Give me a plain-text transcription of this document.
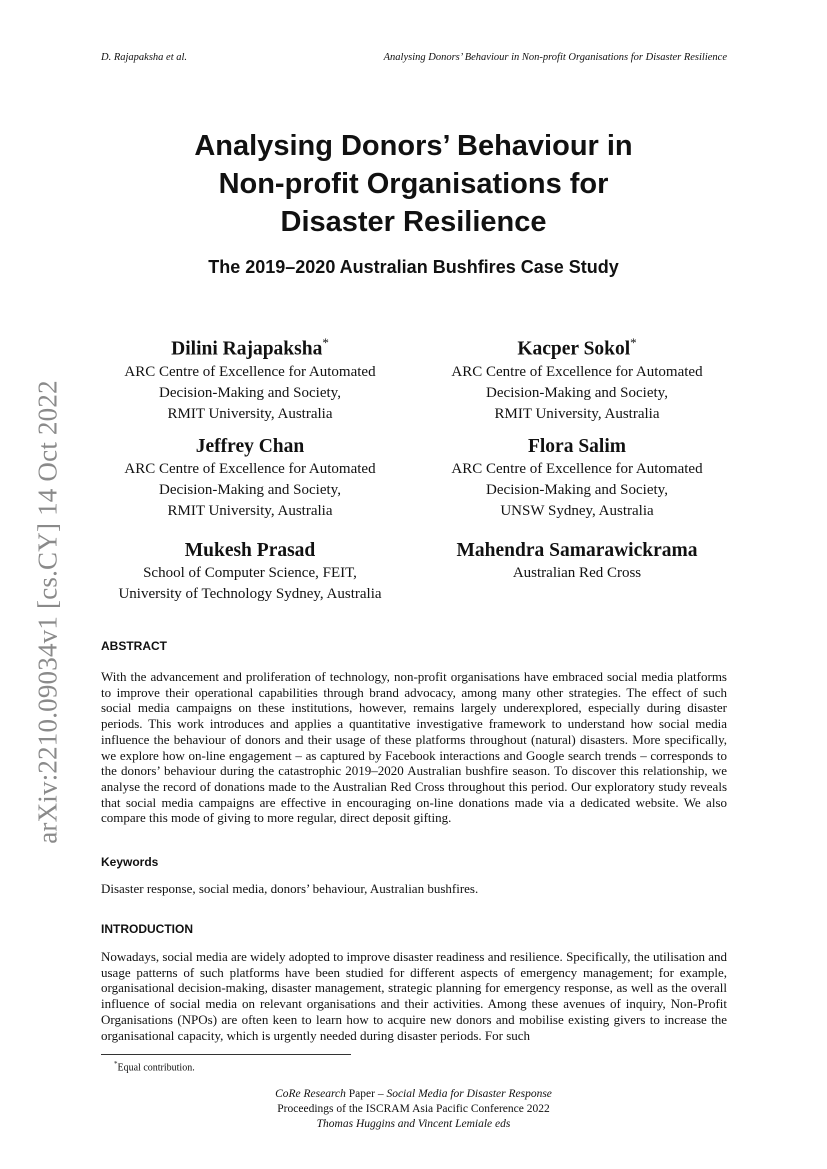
D. Rajapaksha et al.	Analysing Donors’ Behaviour in Non-profit Organisations for Disaster Resilience
arXiv:2210.09034v1 [cs.CY] 14 Oct 2022
Analysing Donors’ Behaviour in
Non-profit Organisations for
Disaster Resilience
The 2019–2020 Australian Bushfires Case Study
Dilini Rajapaksha*
ARC Centre of Excellence for Automated
Decision-Making and Society,
RMIT University, Australia
Kacper Sokol*
ARC Centre of Excellence for Automated
Decision-Making and Society,
RMIT University, Australia
Jeffrey Chan
ARC Centre of Excellence for Automated
Decision-Making and Society,
RMIT University, Australia
Flora Salim
ARC Centre of Excellence for Automated
Decision-Making and Society,
UNSW Sydney, Australia
Mukesh Prasad
School of Computer Science, FEIT,
University of Technology Sydney, Australia
Mahendra Samarawickrama
Australian Red Cross
ABSTRACT
With the advancement and proliferation of technology, non-profit organisations have embraced social media platforms to improve their operational capabilities through brand advocacy, among many other strategies. The effect of such social media campaigns on these institutions, however, remains largely underexplored, especially during disaster periods. This work introduces and applies a quantitative investigative framework to understand how social media influence the behaviour of donors and their usage of these platforms throughout (natural) disasters. More specifically, we explore how on-line engagement – as captured by Facebook interactions and Google search trends – corresponds to the donors’ behaviour during the catastrophic 2019–2020 Australian bushfire season. To discover this relationship, we analyse the record of donations made to the Australian Red Cross throughout this period. Our exploratory study reveals that social media campaigns are effective in encouraging on-line donations made via a dedicated website. We also compare this mode of giving to more regular, direct deposit gifting.
Keywords
Disaster response, social media, donors’ behaviour, Australian bushfires.
INTRODUCTION
Nowadays, social media are widely adopted to improve disaster readiness and resilience. Specifically, the utilisation and usage patterns of such platforms have been studied for different aspects of emergency management; for example, organisational decision-making, disaster management, strategic planning for emergency response, as well as the overall influence of social media on relevant organisations and their activities. Among these avenues of inquiry, Non-Profit Organisations (NPOs) are often keen to learn how to acquire new donors and mobilise existing givers to increase the organisational capacity, which is urgently needed during disaster periods. For such
*Equal contribution.
CoRe Research Paper – Social Media for Disaster Response
Proceedings of the ISCRAM Asia Pacific Conference 2022
Thomas Huggins and Vincent Lemiale eds
